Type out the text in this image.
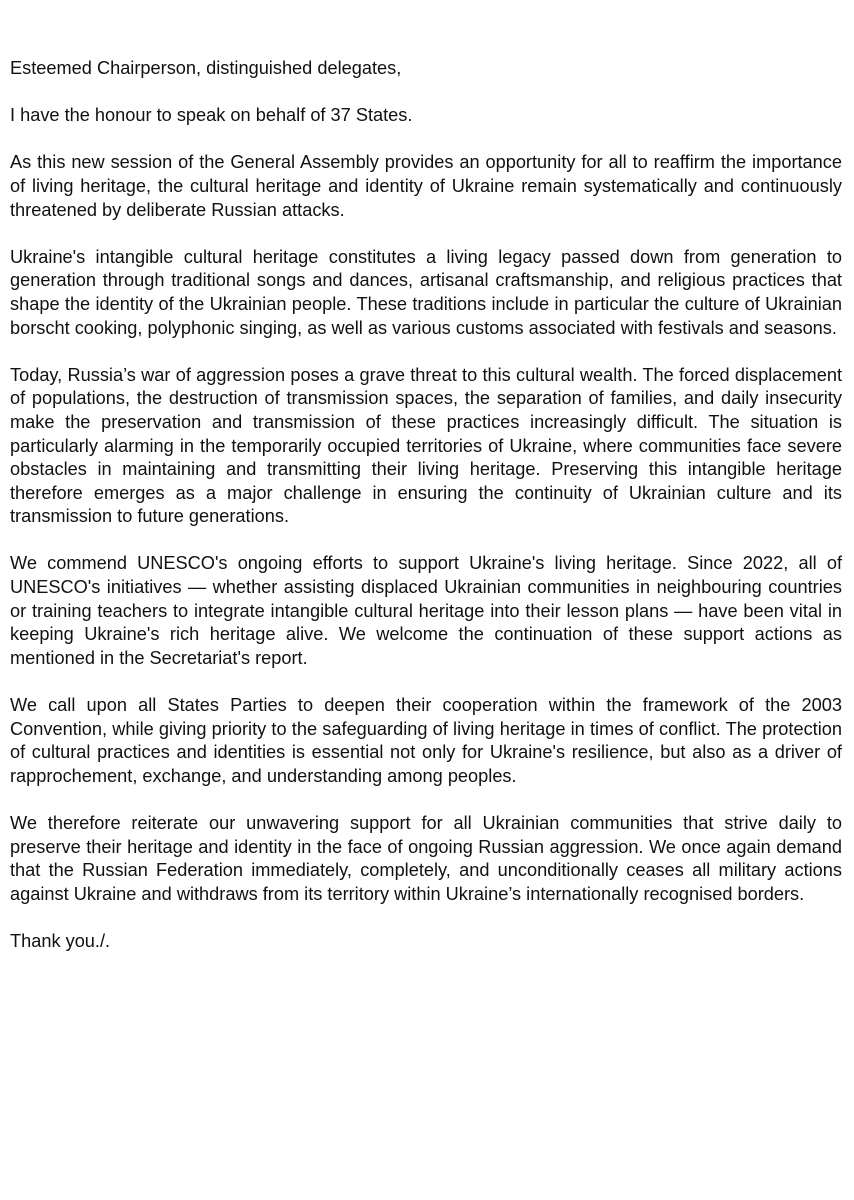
Esteemed Chairperson, distinguished delegates,

I have the honour to speak on behalf of 37 States.

As this new session of the General Assembly provides an opportunity for all to reaffirm the importance of living heritage, the cultural heritage and identity of Ukraine remain systematically and continuously threatened by deliberate Russian attacks.

Ukraine's intangible cultural heritage constitutes a living legacy passed down from generation to generation through traditional songs and dances, artisanal craftsmanship, and religious practices that shape the identity of the Ukrainian people. These traditions include in particular the culture of Ukrainian borscht cooking, polyphonic singing, as well as various customs associated with festivals and seasons.

Today, Russia’s war of aggression poses a grave threat to this cultural wealth. The forced displacement of populations, the destruction of transmission spaces, the separation of families, and daily insecurity make the preservation and transmission of these practices increasingly difficult. The situation is particularly alarming in the temporarily occupied territories of Ukraine, where communities face severe obstacles in maintaining and transmitting their living heritage. Preserving this intangible heritage therefore emerges as a major challenge in ensuring the continuity of Ukrainian culture and its transmission to future generations.

We commend UNESCO's ongoing efforts to support Ukraine's living heritage. Since 2022, all of UNESCO's initiatives — whether assisting displaced Ukrainian communities in neighbouring countries or training teachers to integrate intangible cultural heritage into their lesson plans — have been vital in keeping Ukraine's rich heritage alive. We welcome the continuation of these support actions as mentioned in the Secretariat's report.

We call upon all States Parties to deepen their cooperation within the framework of the 2003 Convention, while giving priority to the safeguarding of living heritage in times of conflict. The protection of cultural practices and identities is essential not only for Ukraine's resilience, but also as a driver of rapprochement, exchange, and understanding among peoples.

We therefore reiterate our unwavering support for all Ukrainian communities that strive daily to preserve their heritage and identity in the face of ongoing Russian aggression. We once again demand that the Russian Federation immediately, completely, and unconditionally ceases all military actions against Ukraine and withdraws from its territory within Ukraine’s internationally recognised borders.

Thank you./.
